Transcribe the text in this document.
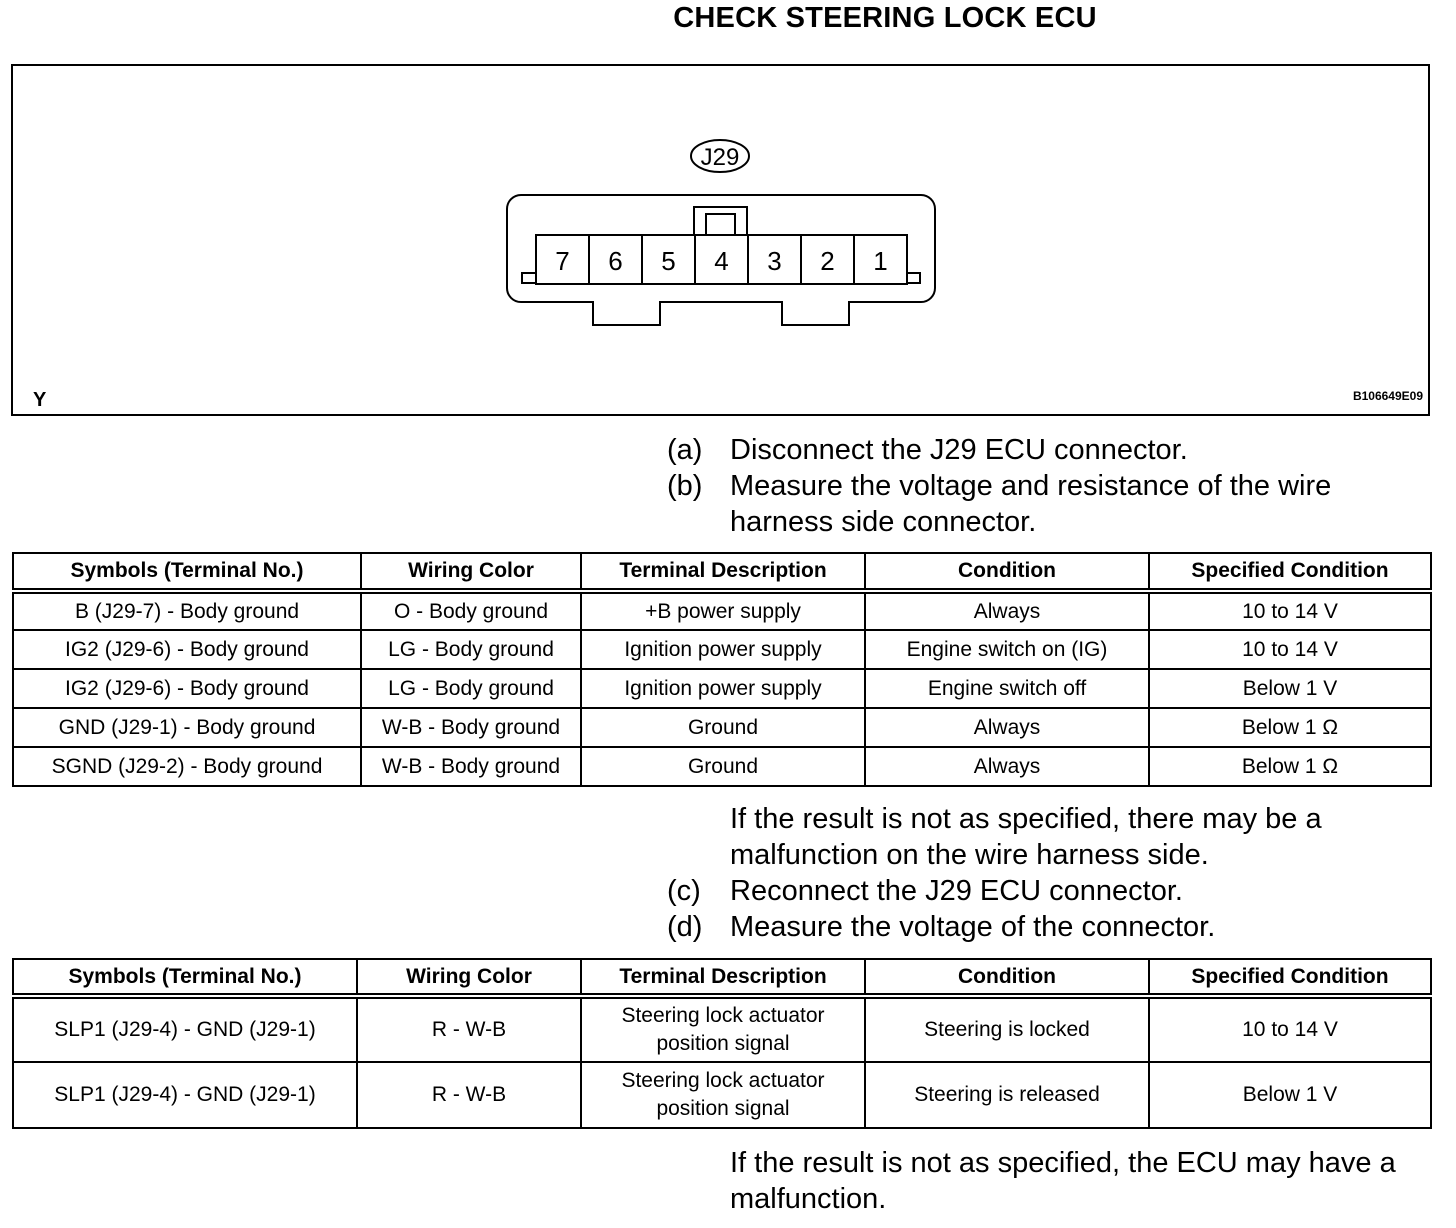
CHECK STEERING LOCK ECU
J29
7 6 5 4 3 2 1
Y	B106649E09
(a) Disconnect the J29 ECU connector.
(b) Measure the voltage and resistance of the wire
harness side connector.
Symbols (Terminal No.)	Wiring Color	Terminal Description	Condition	Specified Condition
B (J29-7) - Body ground	O - Body ground	+B power supply	Always	10 to 14 V
IG2 (J29-6) - Body ground	LG - Body ground	Ignition power supply	Engine switch on (IG)	10 to 14 V
IG2 (J29-6) - Body ground	LG - Body ground	Ignition power supply	Engine switch off	Below 1 V
GND (J29-1) - Body ground	W-B - Body ground	Ground	Always	Below 1 Ω
SGND (J29-2) - Body ground	W-B - Body ground	Ground	Always	Below 1 Ω
If the result is not as specified, there may be a
malfunction on the wire harness side.
(c) Reconnect the J29 ECU connector.
(d) Measure the voltage of the connector.
Symbols (Terminal No.)	Wiring Color	Terminal Description	Condition	Specified Condition
SLP1 (J29-4) - GND (J29-1)	R - W-B	Steering lock actuator
position signal	Steering is locked	10 to 14 V
SLP1 (J29-4) - GND (J29-1)	R - W-B	Steering lock actuator
position signal	Steering is released	Below 1 V
If the result is not as specified, the ECU may have a
malfunction.
